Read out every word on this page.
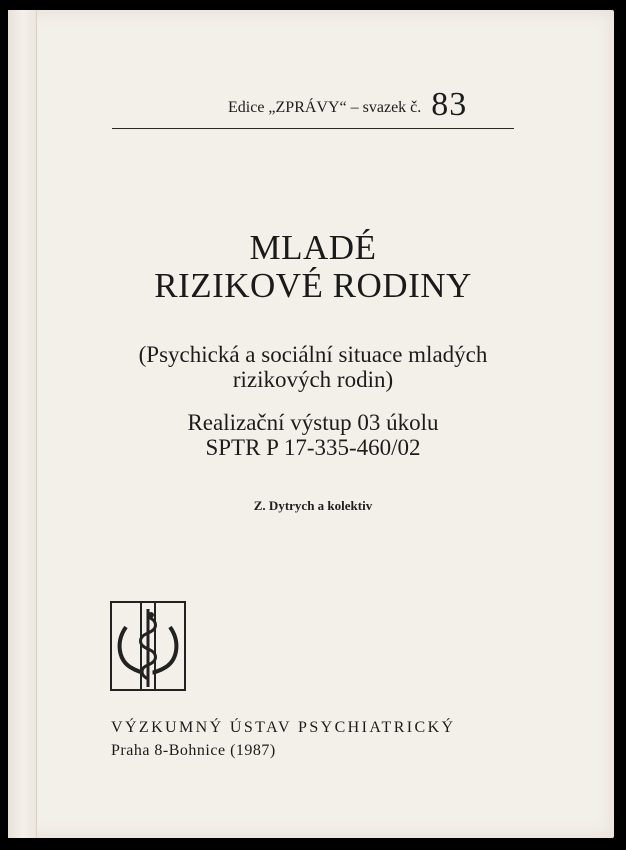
Edice „ZPRÁVY“ – svazek č. 83
MLADÉ
RIZIKOVÉ RODINY
(Psychická a sociální situace mladých
rizikových rodin)
Realizační výstup 03 úkolu
SPTR P 17-335-460/02
Z. Dytrych a kolektiv
VÝZKUMNÝ ÚSTAV PSYCHIATRICKÝ
Praha 8-Bohnice (1987)
